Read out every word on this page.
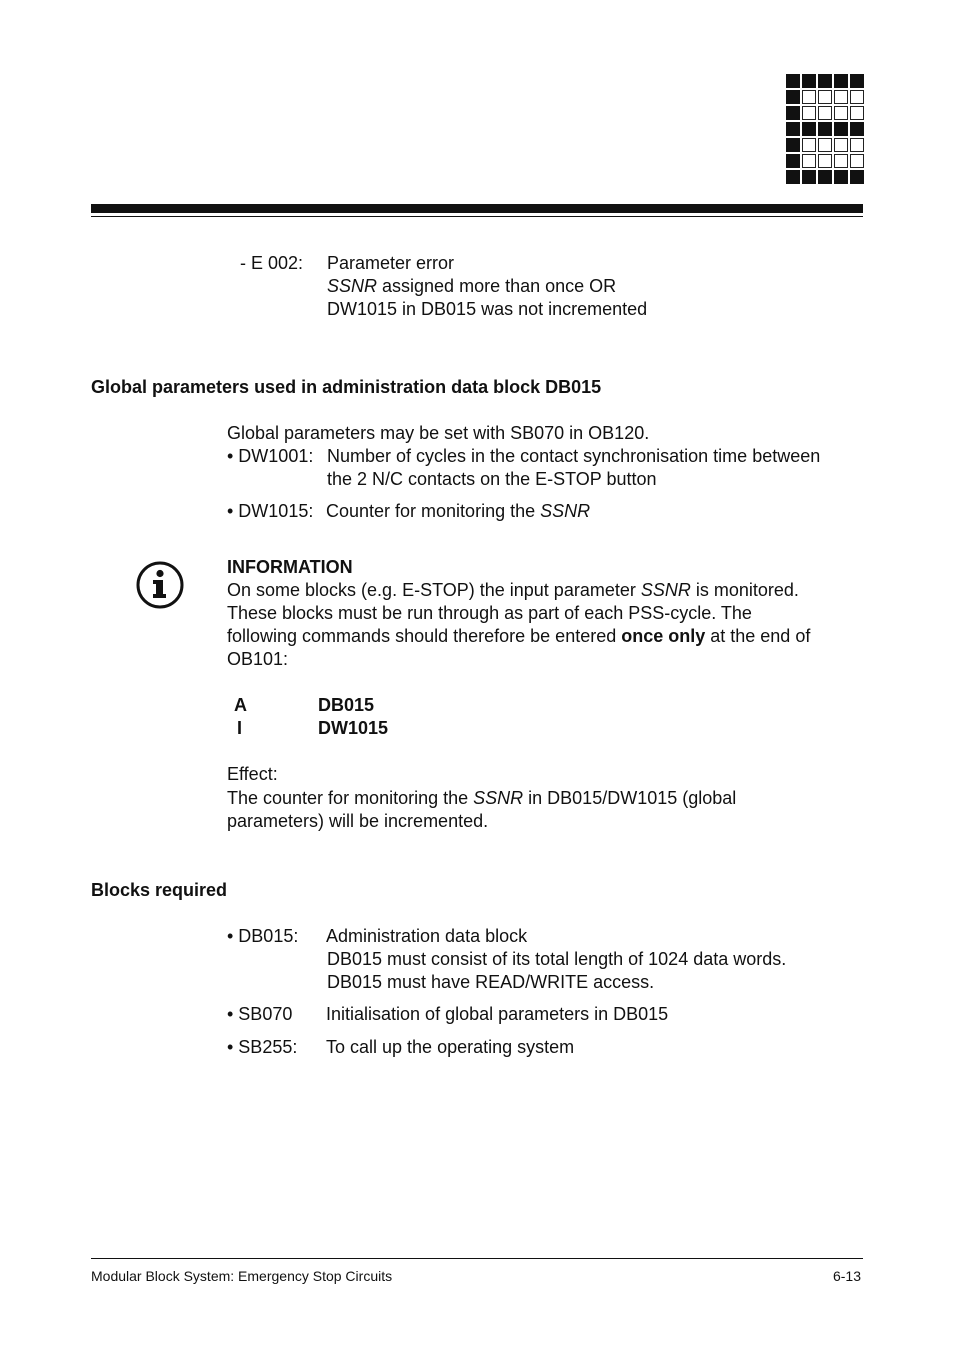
- E 002: Parameter error
SSNR assigned more than once OR
DW1015 in DB015 was not incremented
Global parameters used in administration data block DB015
Global parameters may be set with SB070 in OB120.
• DW1001: Number of cycles in the contact synchronisation time between
the 2 N/C contacts on the E-STOP button
• DW1015: Counter for monitoring the SSNR
INFORMATION
On some blocks (e.g. E-STOP) the input parameter SSNR is monitored.
These blocks must be run through as part of each PSS-cycle. The
following commands should therefore be entered once only at the end of
OB101:
A	DB015
I	DW1015
Effect:
The counter for monitoring the SSNR in DB015/DW1015 (global
parameters) will be incremented.
Blocks required
• DB015: Administration data block
DB015 must consist of its total length of 1024 data words.
DB015 must have READ/WRITE access.
• SB070 Initialisation of global parameters in DB015
• SB255: To call up the operating system
Modular Block System: Emergency Stop Circuits	6-13
